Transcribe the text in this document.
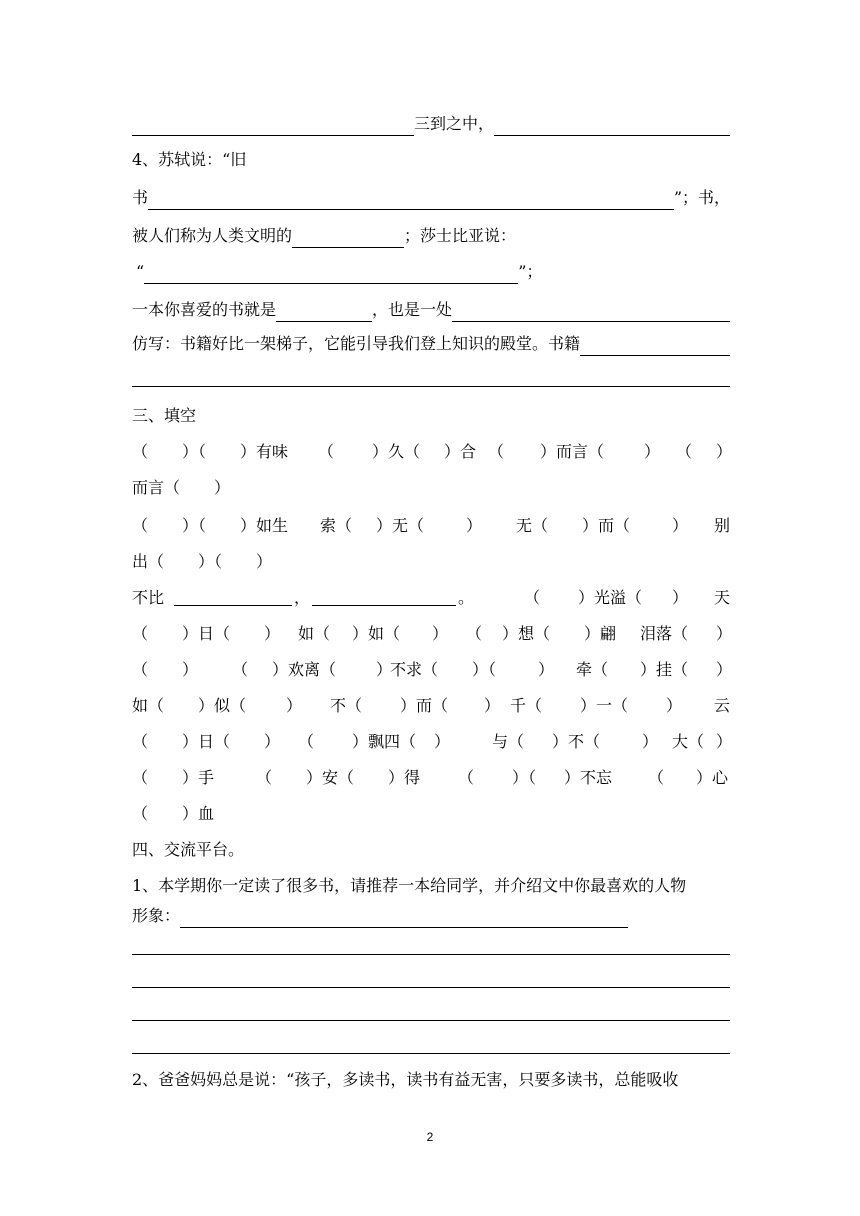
三到之中，
4、苏轼说：“旧
书	”；书，
被人们称为人类文明的	；莎士比亚说：
“	”；
一本你喜爱的书就是	，也是一处
仿写：书籍好比一架梯子，它能引导我们登上知识的殿堂。书籍
三、填空
（ ）（ ）有味 （ ）久（ ）合 （ ）而言（ ） （ ）
而言（ ）
（ ）（ ）如生 索（ ）无（	） 无（ ）而（	） 别
出（ ）（ ）
不比	，	。	（ ）光溢（ ） 天
（ ）日（ ） 如（ ）如（ ） （ ）想（ ）翩 泪落（ ）
（ ） （ ）欢离（ ）
不求（ ）（	） 牵（ ）挂（ ）
如（ ）似（ ） 不（ ）而（ ） 千（ ）一（ ） 云
（ ）日（ ） （ ）飘四（ ）	与（ ）不（	） 大（ ）
（ ）手	（ ）安（ ）得 （ ）（ ）不忘 （ ）心
（ ）血
四、交流平台。
1、本学期你一定读了很多书，请推荐一本给同学，并介绍文中你最喜欢的人物
形象：
2、爸爸妈妈总是说：“孩子，多读书，读书有益无害，只要多读书，总能吸收
2
